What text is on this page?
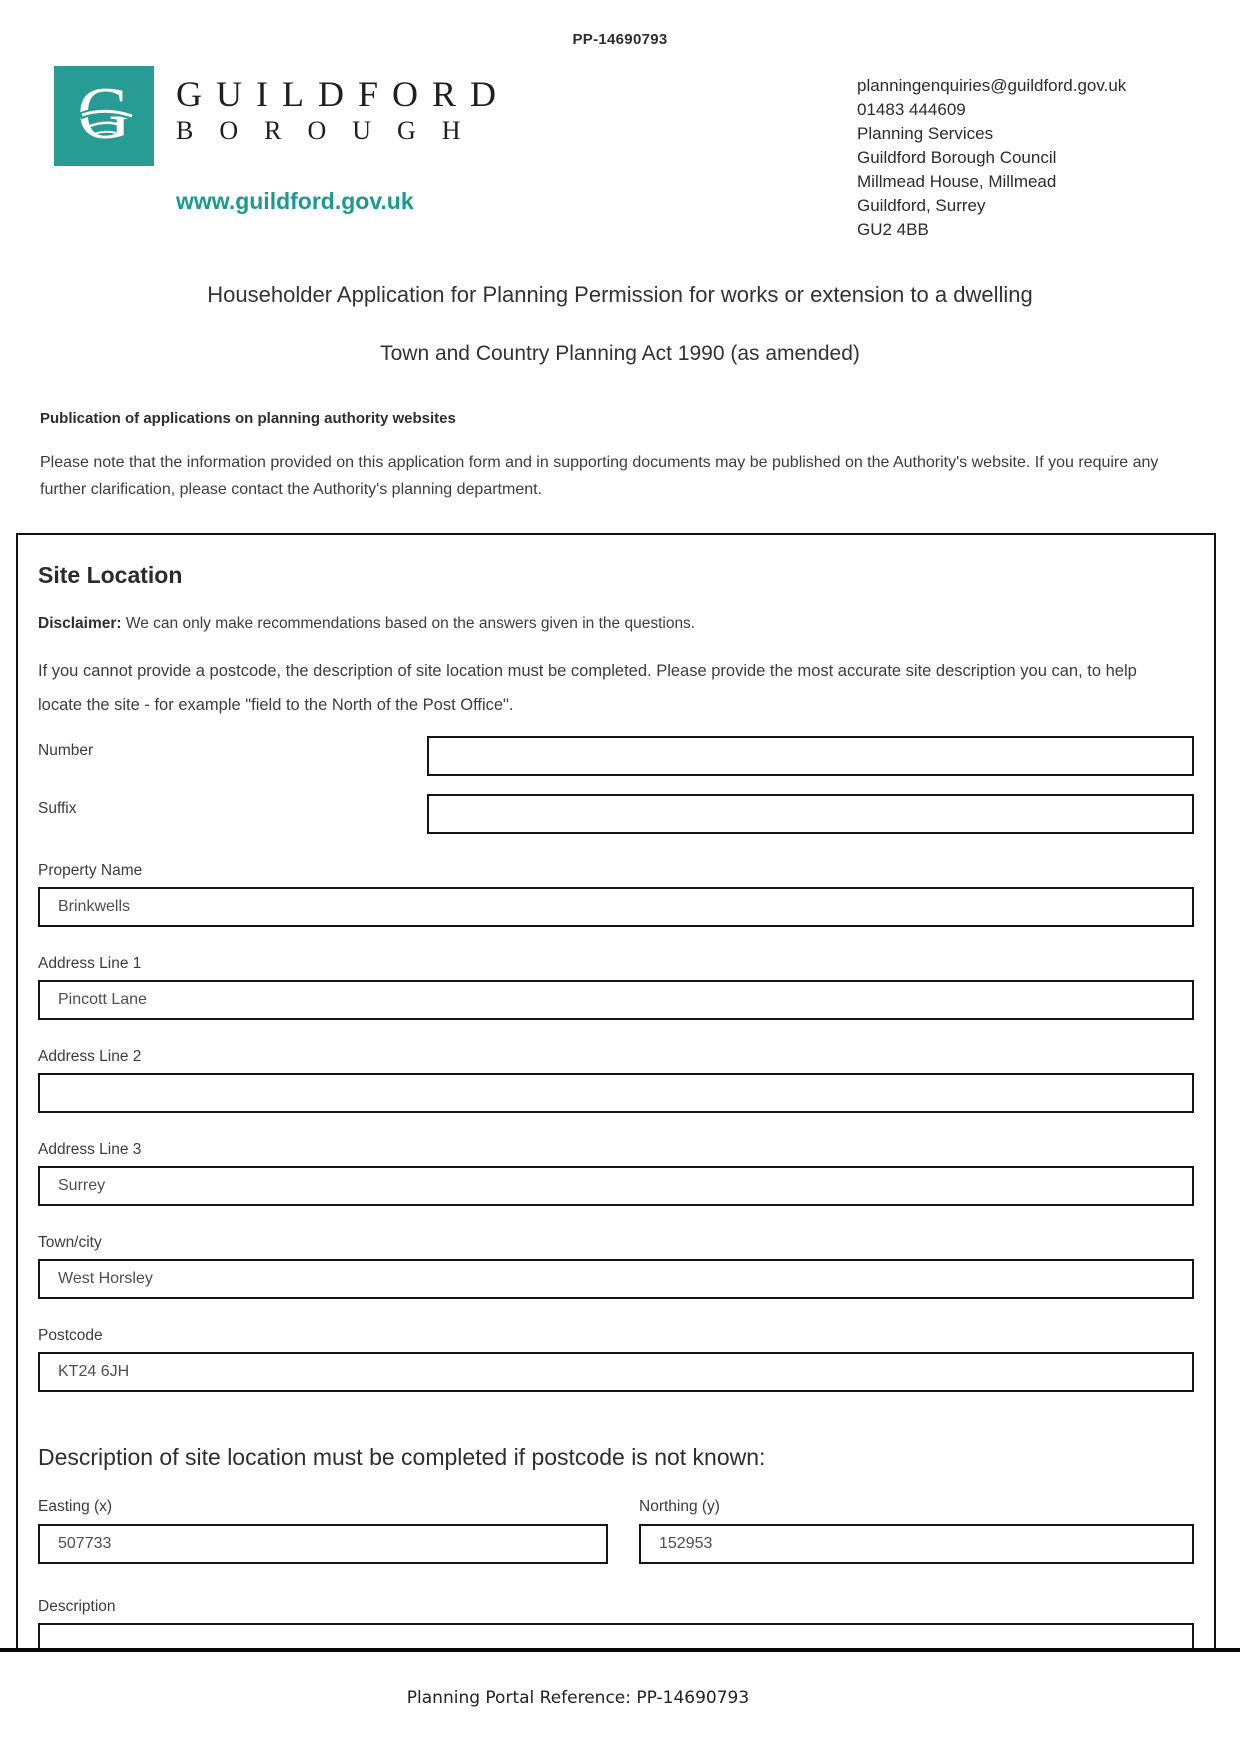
PP-14690793
G GUILDFORD
BOROUGH
www.guildford.gov.uk
planningenquiries@guildford.gov.uk
01483 444609
Planning Services
Guildford Borough Council
Millmead House, Millmead
Guildford, Surrey
GU2 4BB
Householder Application for Planning Permission for works or extension to a dwelling
Town and Country Planning Act 1990 (as amended)
Publication of applications on planning authority websites
Please note that the information provided on this application form and in supporting documents may be published on the Authority's website. If you require any further clarification, please contact the Authority's planning department.
Site Location
Disclaimer: We can only make recommendations based on the answers given in the questions.
If you cannot provide a postcode, the description of site location must be completed. Please provide the most accurate site description you can, to help locate the site - for example "field to the North of the Post Office".
Number
Suffix
Property Name
Brinkwells
Address Line 1
Pincott Lane
Address Line 2
Address Line 3
Surrey
Town/city
West Horsley
Postcode
KT24 6JH
Description of site location must be completed if postcode is not known:
Easting (x)
507733	Northing (y)
152953
Description
Planning Portal Reference: PP-14690793
